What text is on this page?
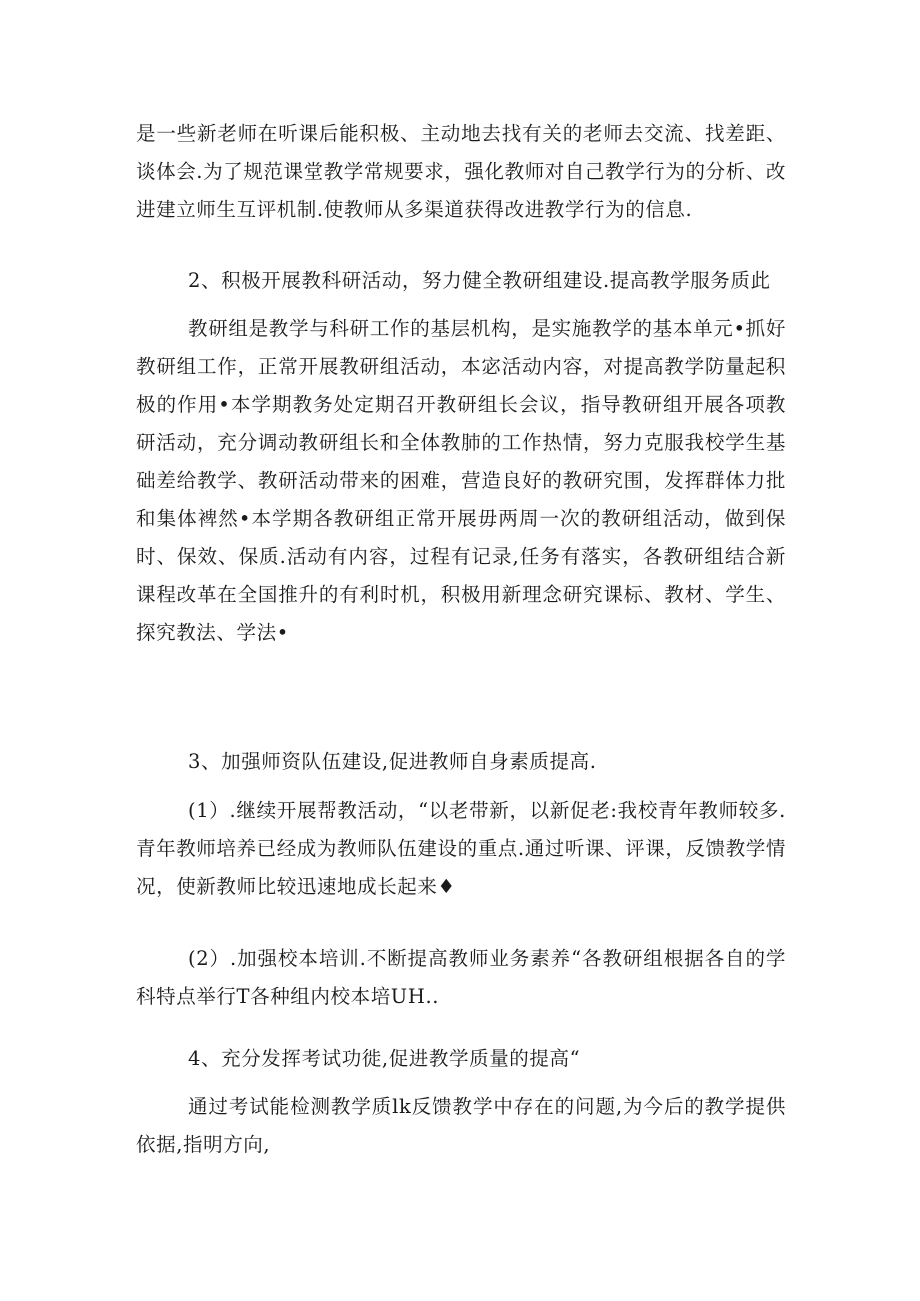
是一些新老师在听课后能积极、主动地去找有关的老师去交流、找差距、谈体会.为了规范课堂教学常规要求，强化教师对自己教学行为的分析、改进建立师生互评机制.使教师从多渠道获得改进教学行为的信息.

2、积极开展教科研活动，努力健全教研组建设.提高教学服务质此

教研组是教学与科研工作的基层机构，是实施教学的基本单元•抓好教研组工作，正常开展教研组活动，本宓活动内容，对提高教学防量起积极的作用•本学期教务处定期召开教研组长会议，指导教研组开展各项教研活动，充分调动教研组长和全体教肺的工作热情，努力克服我校学生基础差给教学、教研活动带来的困难，营造良好的教研究围，发挥群体力批和集体裨然•本学期各教研组正常开展毋两周一次的教研组活动，做到保时、保效、保质.活动有内容，过程有记录,任务有落实，各教研组结合新课程改革在全国推升的有利时机，积极用新理念研究课标、教材、学生、探究教法、学法•

3、加强师资队伍建设,促进教师自身素质提高.

(1）.继续开展帮教活动，“以老带新，以新促老:我校青年教师较多.青年教师培养已经成为教师队伍建设的重点.通过听课、评课，反馈教学情况，使新教师比较迅速地成长起来♦

(2）.加强校本培训.不断提高教师业务素养“各教研组根据各自的学科特点举行T各种组内校本培UH..

4、充分发挥考试功徙,促进教学质量的提高“

通过考试能检测教学质lk反馈教学中存在的问题,为今后的教学提供依据,指明方向,
